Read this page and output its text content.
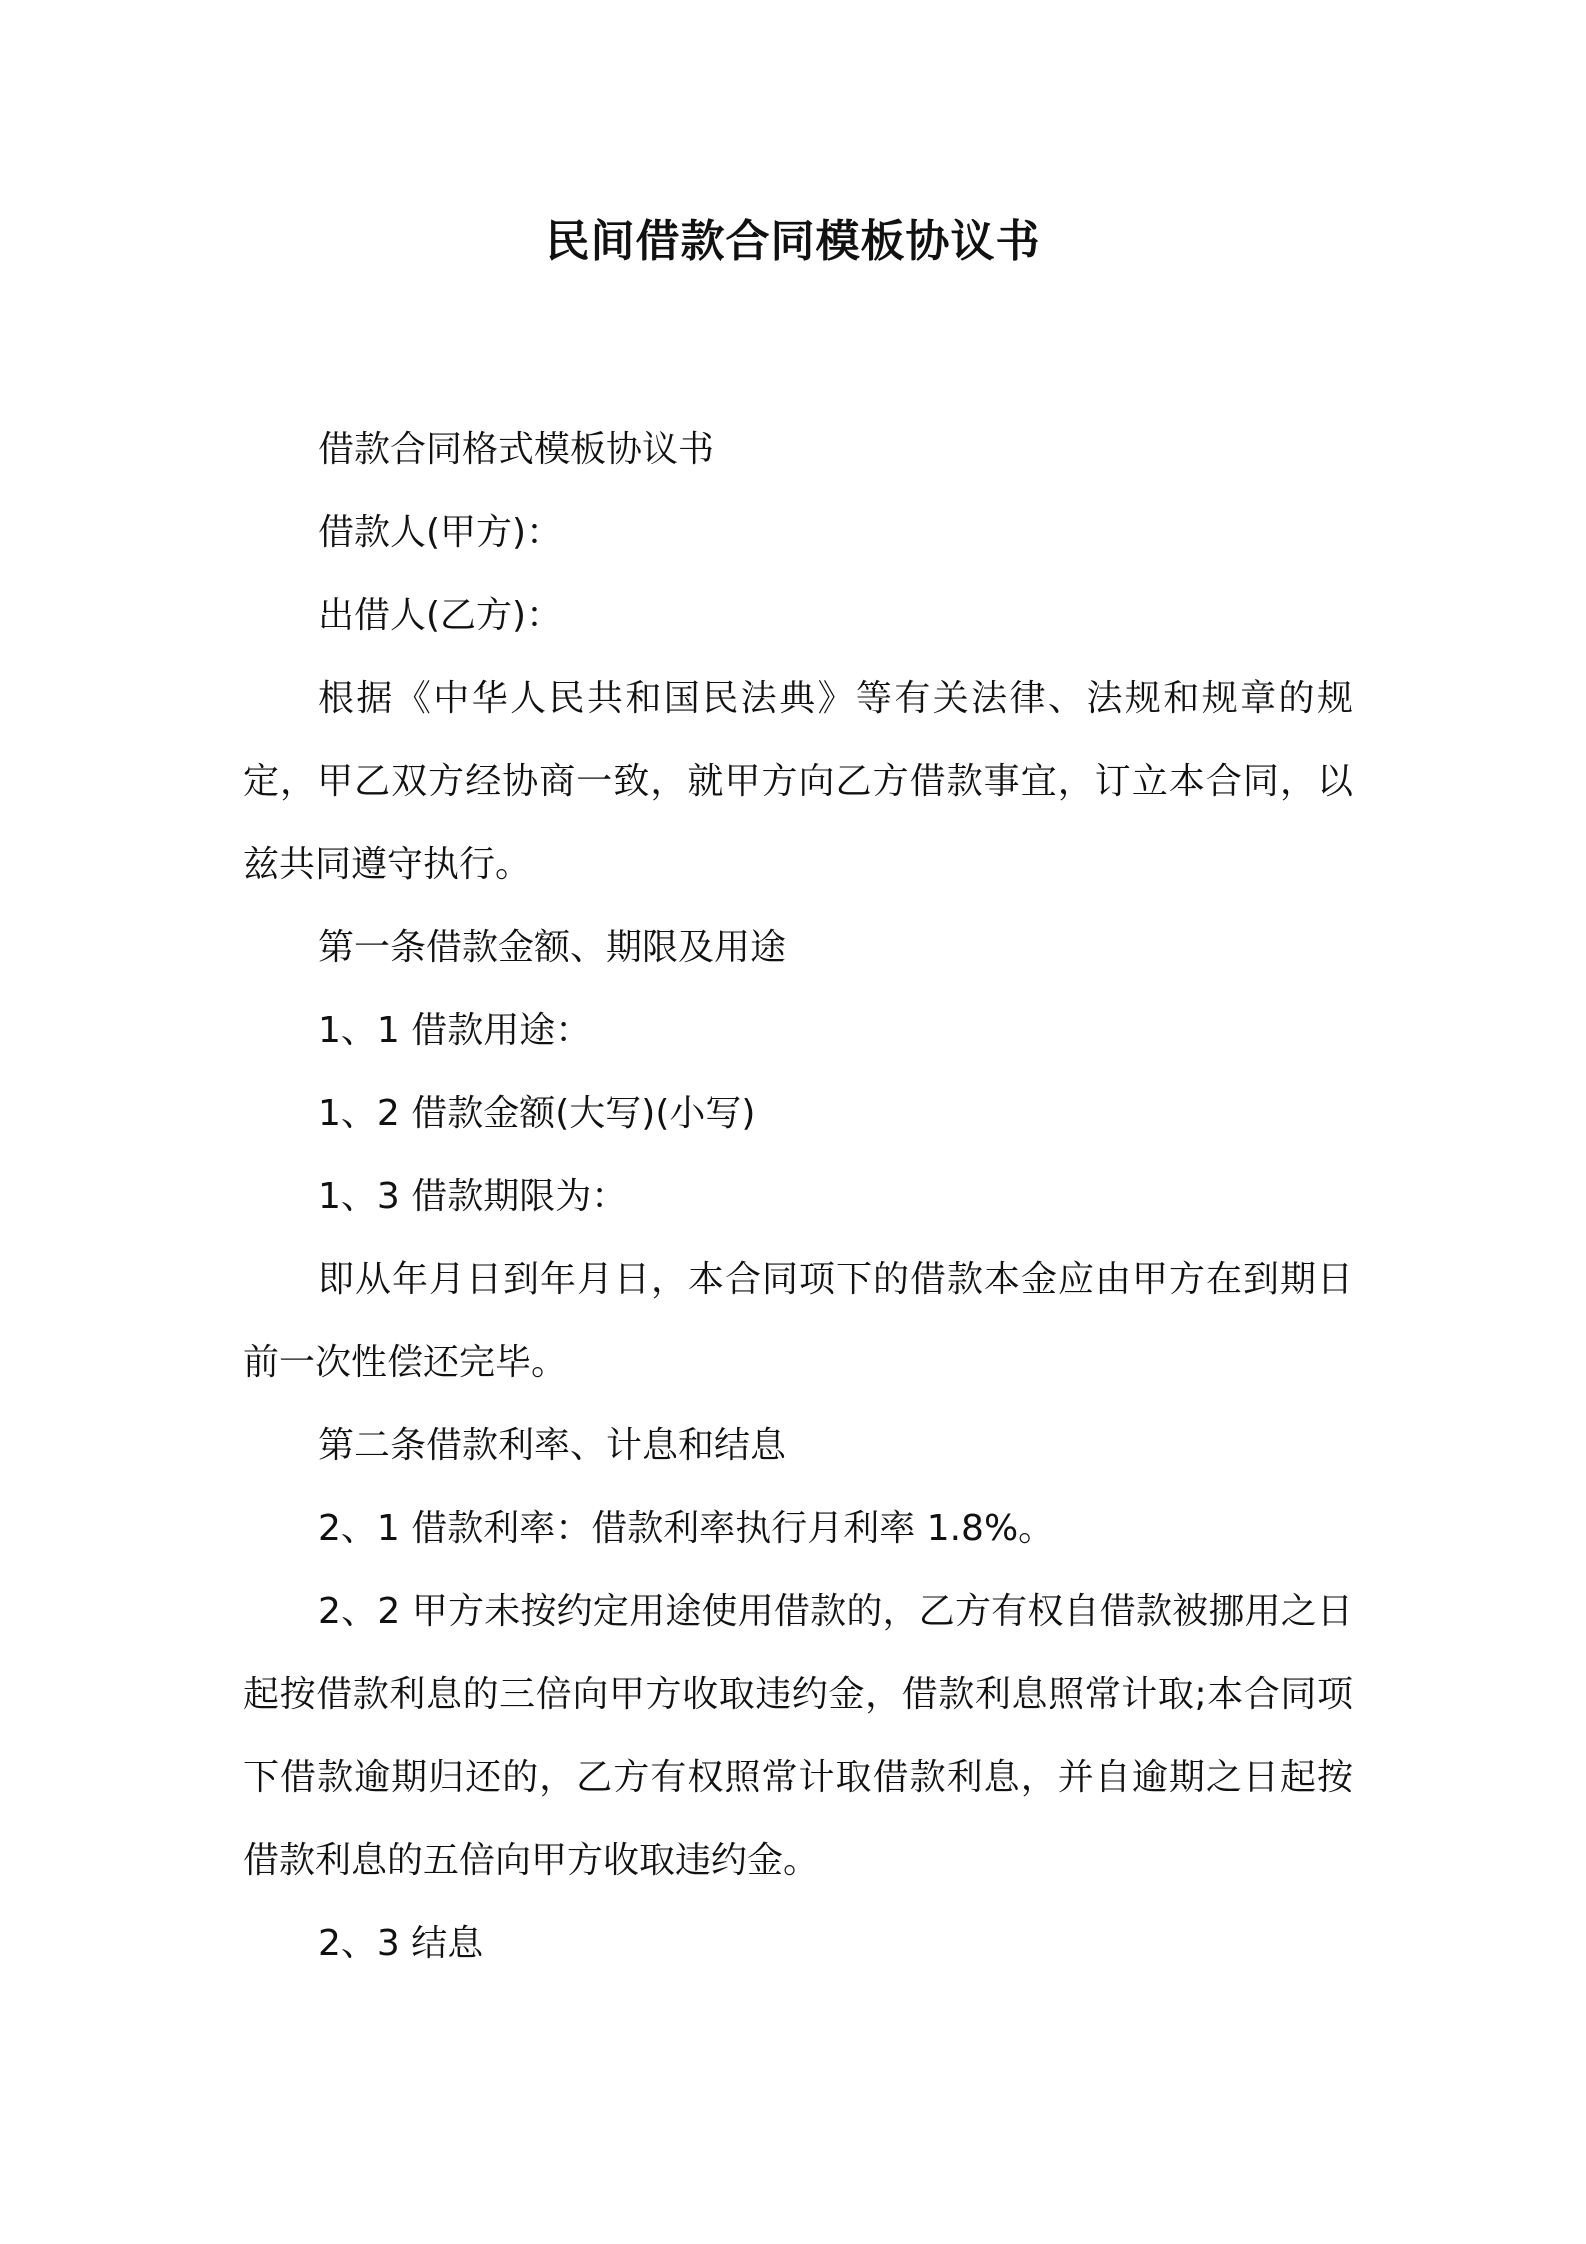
民间借款合同模板协议书

借款合同格式模板协议书

借款人(甲方)：

出借人(乙方)：

根据《中华人民共和国民法典》等有关法律、法规和规章的规定，甲乙双方经协商一致，就甲方向乙方借款事宜，订立本合同，以兹共同遵守执行。

第一条借款金额、期限及用途

1、1 借款用途：

1、2 借款金额(大写)(小写)

1、3 借款期限为：

即从年月日到年月日，本合同项下的借款本金应由甲方在到期日前一次性偿还完毕。

第二条借款利率、计息和结息

2、1 借款利率：借款利率执行月利率 1.8%。

2、2 甲方未按约定用途使用借款的，乙方有权自借款被挪用之日起按借款利息的三倍向甲方收取违约金，借款利息照常计取;本合同项下借款逾期归还的，乙方有权照常计取借款利息，并自逾期之日起按借款利息的五倍向甲方收取违约金。

2、3 结息
